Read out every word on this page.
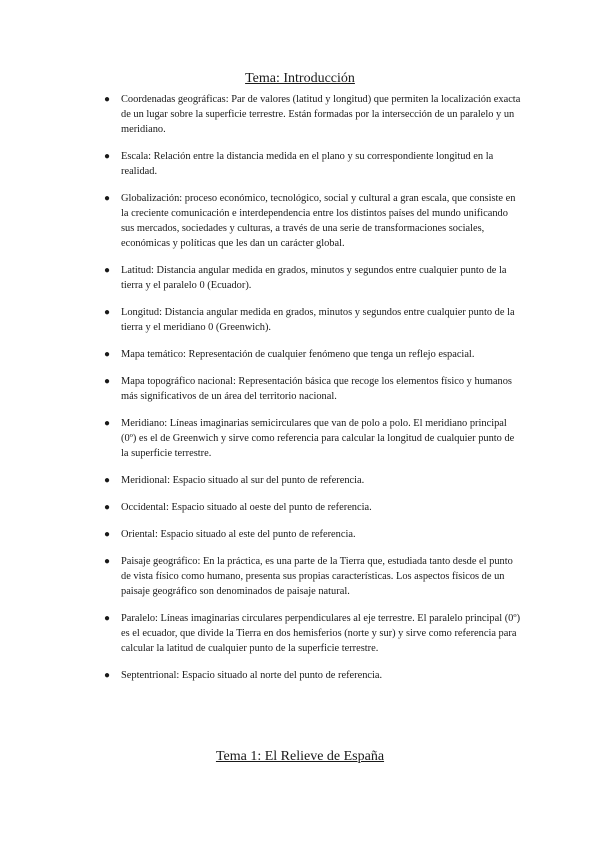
Tema: Introducción
● Coordenadas geográficas: Par de valores (latitud y longitud) que permiten la localización exacta de un lugar sobre la superficie terrestre. Están formadas por la intersección de un paralelo y un meridiano.
● Escala: Relación entre la distancia medida en el plano y su correspondiente longitud en la realidad.
● Globalización: proceso económico, tecnológico, social y cultural a gran escala, que consiste en la creciente comunicación e interdependencia entre los distintos países del mundo unificando sus mercados, sociedades y culturas, a través de una serie de transformaciones sociales, económicas y políticas que les dan un carácter global.
● Latitud: Distancia angular medida en grados, minutos y segundos entre cualquier punto de la tierra y el paralelo 0 (Ecuador).
● Longitud: Distancia angular medida en grados, minutos y segundos entre cualquier punto de la tierra y el meridiano 0 (Greenwich).
● Mapa temático: Representación de cualquier fenómeno que tenga un reflejo espacial.
● Mapa topográfico nacional: Representación básica que recoge los elementos físico y humanos más significativos de un área del territorio nacional.
● Meridiano: Líneas imaginarias semicirculares que van de polo a polo. El meridiano principal (0º) es el de Greenwich y sirve como referencia para calcular la longitud de cualquier punto de la superficie terrestre.
● Meridional: Espacio situado al sur del punto de referencia.
● Occidental: Espacio situado al oeste del punto de referencia.
● Oriental: Espacio situado al este del punto de referencia.
● Paisaje geográfico: En la práctica, es una parte de la Tierra que, estudiada tanto desde el punto de vista físico como humano, presenta sus propias características. Los aspectos físicos de un paisaje geográfico son denominados de paisaje natural.
● Paralelo: Líneas imaginarias circulares perpendiculares al eje terrestre. El paralelo principal (0º) es el ecuador, que divide la Tierra en dos hemisferios (norte y sur) y sirve como referencia para calcular la latitud de cualquier punto de la superficie terrestre.
● Septentrional: Espacio situado al norte del punto de referencia.
Tema 1: El Relieve de España
